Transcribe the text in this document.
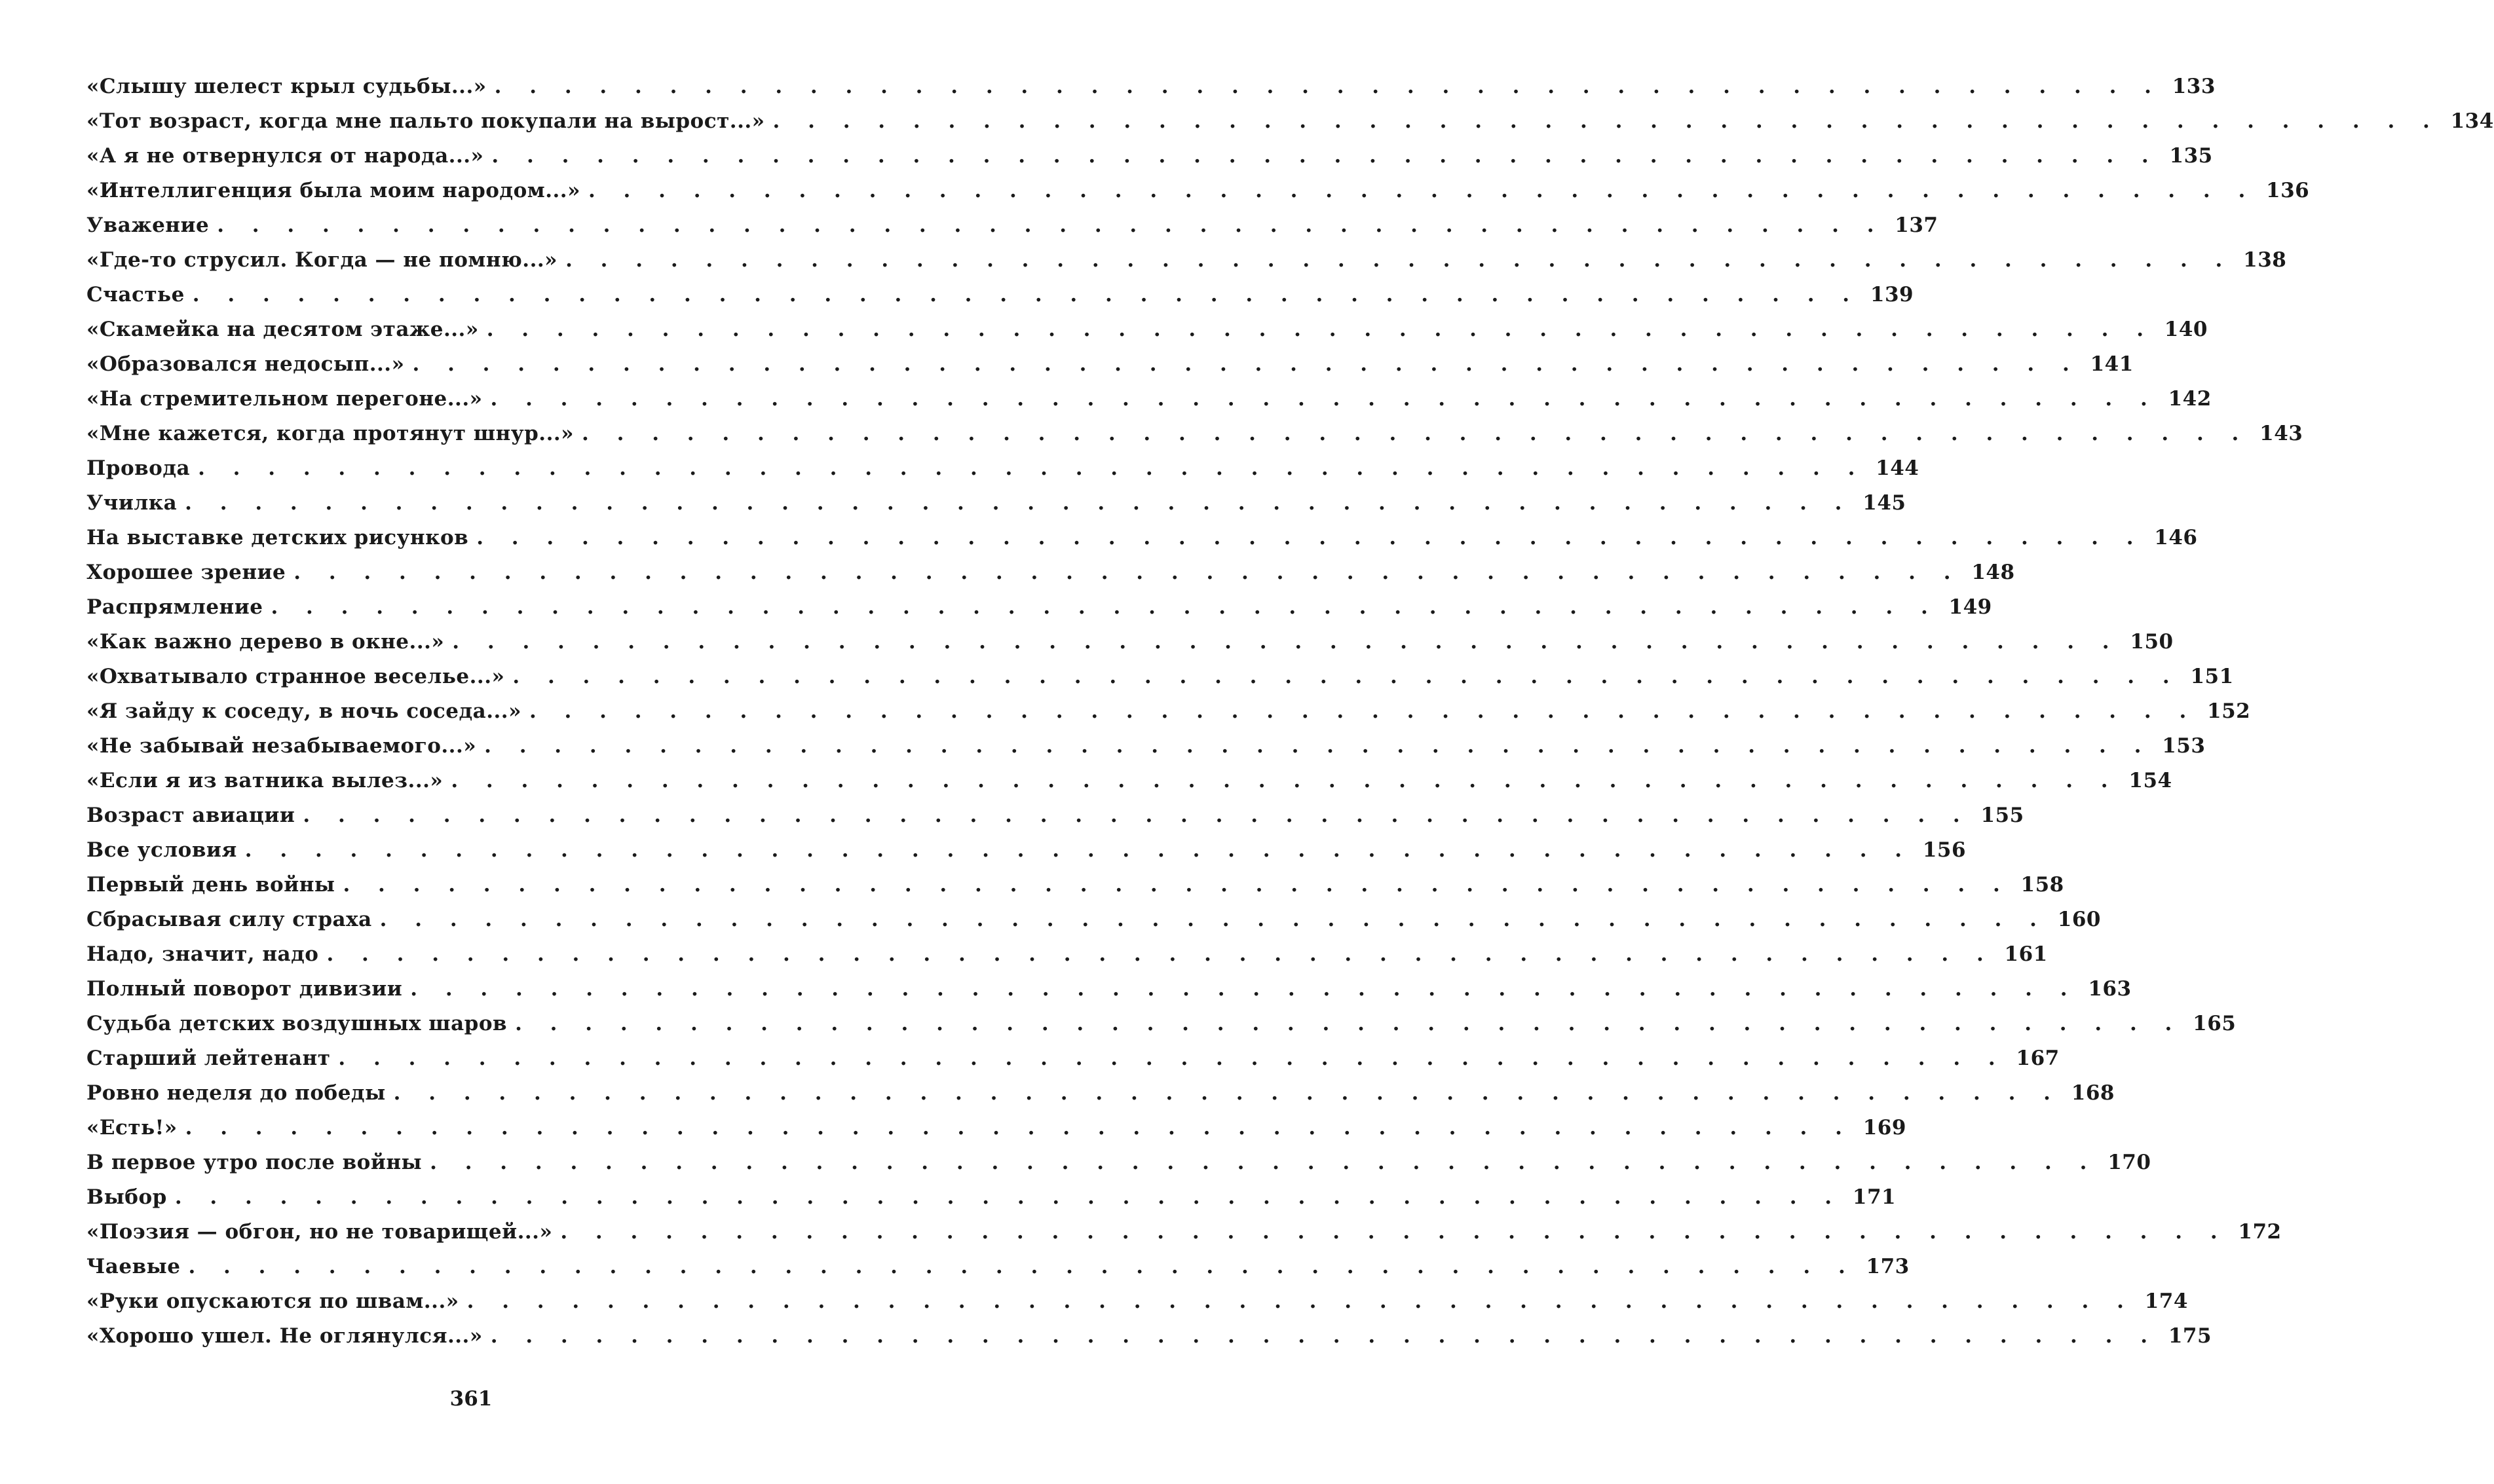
«Слышу шелест крыл судьбы...» . . . . . . . . . . . . . . . . . . . . . . . . . . . . . . . . . . . . . . . . . . . . . . . . 133
«Тот возраст, когда мне пальто покупали на вырост...» . . . . . . . . . . . . . . . . . . . . . . . . . . . . . . . . . . . . . . . . . . . . . . . . 134
«А я не отвернулся от народа...» . . . . . . . . . . . . . . . . . . . . . . . . . . . . . . . . . . . . . . . . . . . . . . . . 135
«Интеллигенция была моим народом...» . . . . . . . . . . . . . . . . . . . . . . . . . . . . . . . . . . . . . . . . . . . . . . . . 136
Уважение . . . . . . . . . . . . . . . . . . . . . . . . . . . . . . . . . . . . . . . . . . . . . . . . 137
«Где-то струсил. Когда — не помню...» . . . . . . . . . . . . . . . . . . . . . . . . . . . . . . . . . . . . . . . . . . . . . . . . 138
Счастье . . . . . . . . . . . . . . . . . . . . . . . . . . . . . . . . . . . . . . . . . . . . . . . . 139
«Скамейка на десятом этаже...» . . . . . . . . . . . . . . . . . . . . . . . . . . . . . . . . . . . . . . . . . . . . . . . . 140
«Образовался недосып...» . . . . . . . . . . . . . . . . . . . . . . . . . . . . . . . . . . . . . . . . . . . . . . . . 141
«На стремительном перегоне...» . . . . . . . . . . . . . . . . . . . . . . . . . . . . . . . . . . . . . . . . . . . . . . . . 142
«Мне кажется, когда протянут шнур...» . . . . . . . . . . . . . . . . . . . . . . . . . . . . . . . . . . . . . . . . . . . . . . . . 143
Провода . . . . . . . . . . . . . . . . . . . . . . . . . . . . . . . . . . . . . . . . . . . . . . . . 144
Училка . . . . . . . . . . . . . . . . . . . . . . . . . . . . . . . . . . . . . . . . . . . . . . . . 145
На выставке детских рисунков . . . . . . . . . . . . . . . . . . . . . . . . . . . . . . . . . . . . . . . . . . . . . . . . 146
Хорошее зрение . . . . . . . . . . . . . . . . . . . . . . . . . . . . . . . . . . . . . . . . . . . . . . . . 148
Распрямление . . . . . . . . . . . . . . . . . . . . . . . . . . . . . . . . . . . . . . . . . . . . . . . . 149
«Как важно дерево в окне...» . . . . . . . . . . . . . . . . . . . . . . . . . . . . . . . . . . . . . . . . . . . . . . . . 150
«Охватывало странное веселье...» . . . . . . . . . . . . . . . . . . . . . . . . . . . . . . . . . . . . . . . . . . . . . . . . 151
«Я зайду к соседу, в ночь соседа...» . . . . . . . . . . . . . . . . . . . . . . . . . . . . . . . . . . . . . . . . . . . . . . . . 152
«Не забывай незабываемого...» . . . . . . . . . . . . . . . . . . . . . . . . . . . . . . . . . . . . . . . . . . . . . . . . 153
«Если я из ватника вылез...» . . . . . . . . . . . . . . . . . . . . . . . . . . . . . . . . . . . . . . . . . . . . . . . . 154
Возраст авиации . . . . . . . . . . . . . . . . . . . . . . . . . . . . . . . . . . . . . . . . . . . . . . . . 155
Все условия . . . . . . . . . . . . . . . . . . . . . . . . . . . . . . . . . . . . . . . . . . . . . . . . 156
Первый день войны . . . . . . . . . . . . . . . . . . . . . . . . . . . . . . . . . . . . . . . . . . . . . . . . 158
Сбрасывая силу страха . . . . . . . . . . . . . . . . . . . . . . . . . . . . . . . . . . . . . . . . . . . . . . . . 160
Надо, значит, надо . . . . . . . . . . . . . . . . . . . . . . . . . . . . . . . . . . . . . . . . . . . . . . . . 161
Полный поворот дивизии . . . . . . . . . . . . . . . . . . . . . . . . . . . . . . . . . . . . . . . . . . . . . . . . 163
Судьба детских воздушных шаров . . . . . . . . . . . . . . . . . . . . . . . . . . . . . . . . . . . . . . . . . . . . . . . . 165
Старший лейтенант . . . . . . . . . . . . . . . . . . . . . . . . . . . . . . . . . . . . . . . . . . . . . . . . 167
Ровно неделя до победы . . . . . . . . . . . . . . . . . . . . . . . . . . . . . . . . . . . . . . . . . . . . . . . . 168
«Есть!» . . . . . . . . . . . . . . . . . . . . . . . . . . . . . . . . . . . . . . . . . . . . . . . . 169
В первое утро после войны . . . . . . . . . . . . . . . . . . . . . . . . . . . . . . . . . . . . . . . . . . . . . . . . 170
Выбор . . . . . . . . . . . . . . . . . . . . . . . . . . . . . . . . . . . . . . . . . . . . . . . . 171
«Поэзия — обгон, но не товарищей...» . . . . . . . . . . . . . . . . . . . . . . . . . . . . . . . . . . . . . . . . . . . . . . . . 172
Чаевые . . . . . . . . . . . . . . . . . . . . . . . . . . . . . . . . . . . . . . . . . . . . . . . . 173
«Руки опускаются по швам...» . . . . . . . . . . . . . . . . . . . . . . . . . . . . . . . . . . . . . . . . . . . . . . . . 174
«Хорошо ушел. Не оглянулся...» . . . . . . . . . . . . . . . . . . . . . . . . . . . . . . . . . . . . . . . . . . . . . . . . 175
361
